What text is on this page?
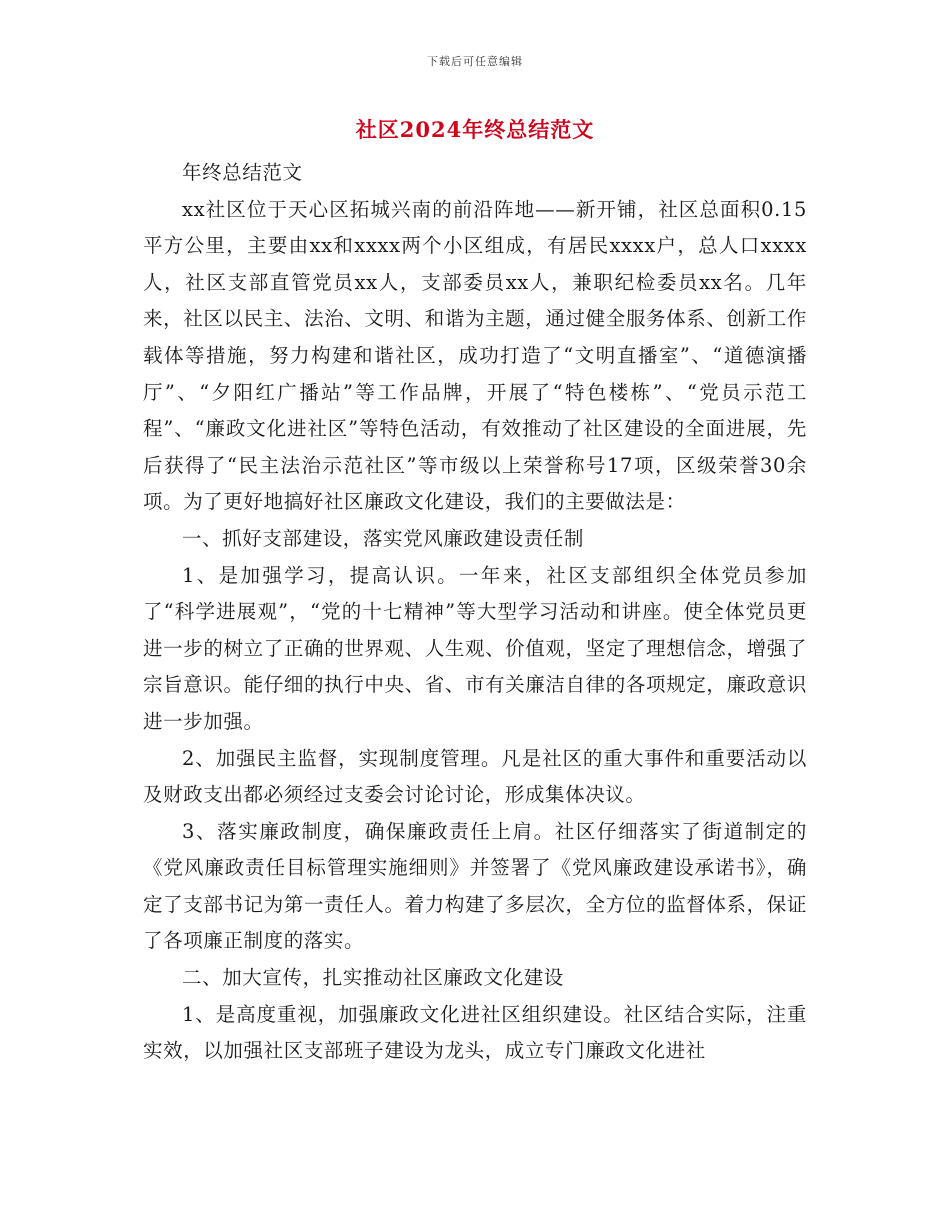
下载后可任意编辑
社区2024年终总结范文

年终总结范文

xx社区位于天心区拓城兴南的前沿阵地——新开铺，社区总面积0.15平方公里，主要由xx和xxxx两个小区组成，有居民xxxx户，总人口xxxx人，社区支部直管党员xx人，支部委员xx人，兼职纪检委员xx名。几年来，社区以民主、法治、文明、和谐为主题，通过健全服务体系、创新工作载体等措施，努力构建和谐社区，成功打造了“文明直播室”、“道德演播厅”、“夕阳红广播站”等工作品牌，开展了“特色楼栋”、“党员示范工程”、“廉政文化进社区”等特色活动，有效推动了社区建设的全面进展，先后获得了“民主法治示范社区”等市级以上荣誉称号17项，区级荣誉30余项。为了更好地搞好社区廉政文化建设，我们的主要做法是：

一、抓好支部建设，落实党风廉政建设责任制

1、是加强学习，提高认识。一年来，社区支部组织全体党员参加了“科学进展观”，“党的十七精神”等大型学习活动和讲座。使全体党员更进一步的树立了正确的世界观、人生观、价值观，坚定了理想信念，增强了宗旨意识。能仔细的执行中央、省、市有关廉洁自律的各项规定，廉政意识进一步加强。

2、加强民主监督，实现制度管理。凡是社区的重大事件和重要活动以及财政支出都必须经过支委会讨论讨论，形成集体决议。

3、落实廉政制度，确保廉政责任上肩。社区仔细落实了街道制定的《党风廉政责任目标管理实施细则》并签署了《党风廉政建设承诺书》，确定了支部书记为第一责任人。着力构建了多层次，全方位的监督体系，保证了各项廉正制度的落实。

二、加大宣传，扎实推动社区廉政文化建设

1、是高度重视，加强廉政文化进社区组织建设。社区结合实际，注重实效，以加强社区支部班子建设为龙头，成立专门廉政文化进社
